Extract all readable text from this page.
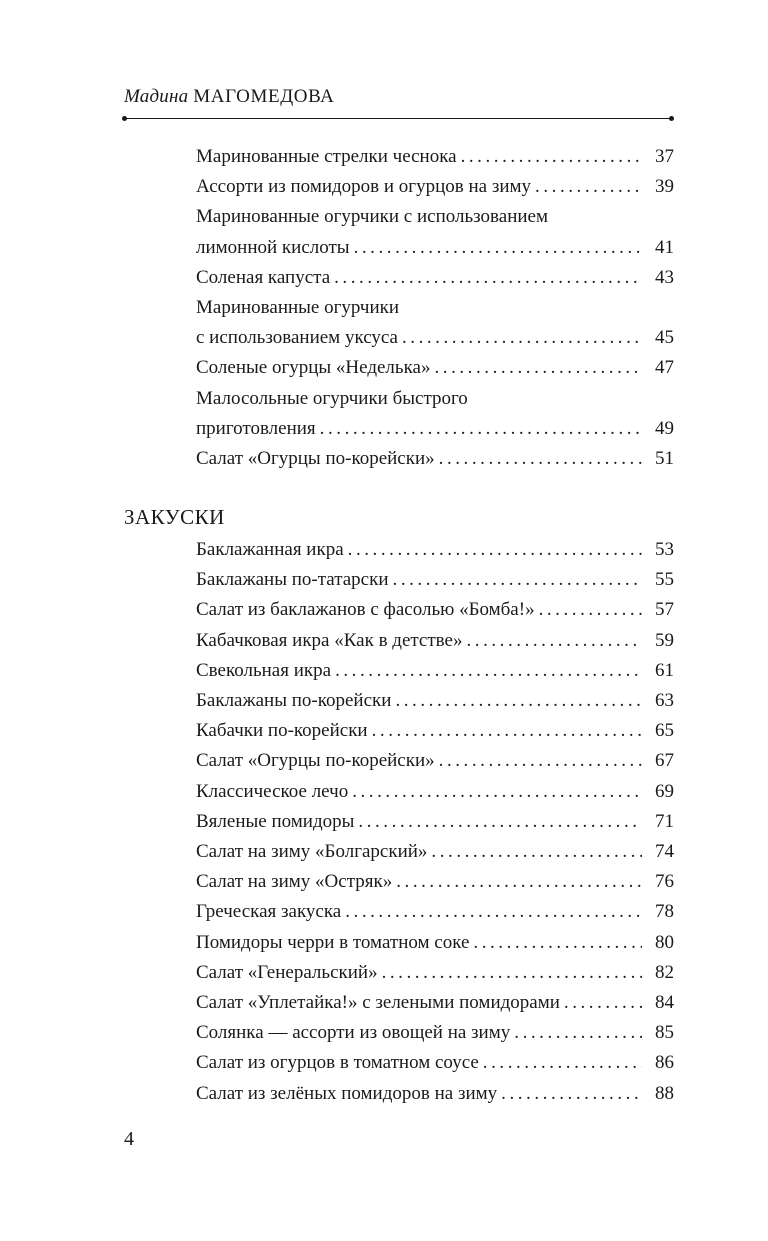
Мадина МАГОМЕДОВА
Маринованные стрелки чеснока . . .	37
Ассорти из помидоров и огурцов на зиму . . .	39
Маринованные огурчики с использованием
лимонной кислоты . . .	41
Соленая капуста . . .	43
Маринованные огурчики
с использованием уксуса . . .	45
Соленые огурцы «Неделька» . . .	47
Малосольные огурчики быстрого
приготовления . . .	49
Салат «Огурцы по-корейски» . . .	51
ЗАКУСКИ
Баклажанная икра . . .	53
Баклажаны по-татарски . . .	55
Салат из баклажанов с фасолью «Бомба!» . . .	57
Кабачковая икра «Как в детстве» . . .	59
Свекольная икра . . .	61
Баклажаны по-корейски . . .	63
Кабачки по-корейски . . .	65
Салат «Огурцы по-корейски» . . .	67
Классическое лечо . . .	69
Вяленые помидоры . . .	71
Салат на зиму «Болгарский» . . .	74
Салат на зиму «Остряк» . . .	76
Греческая закуска . . .	78
Помидоры черри в томатном соке . . .	80
Салат «Генеральский» . . .	82
Салат «Уплетайка!» с зелеными помидорами . . .	84
Солянка — ассорти из овощей на зиму . . .	85
Салат из огурцов в томатном соусе . . .	86
Салат из зелёных помидоров на зиму . . .	88
4
